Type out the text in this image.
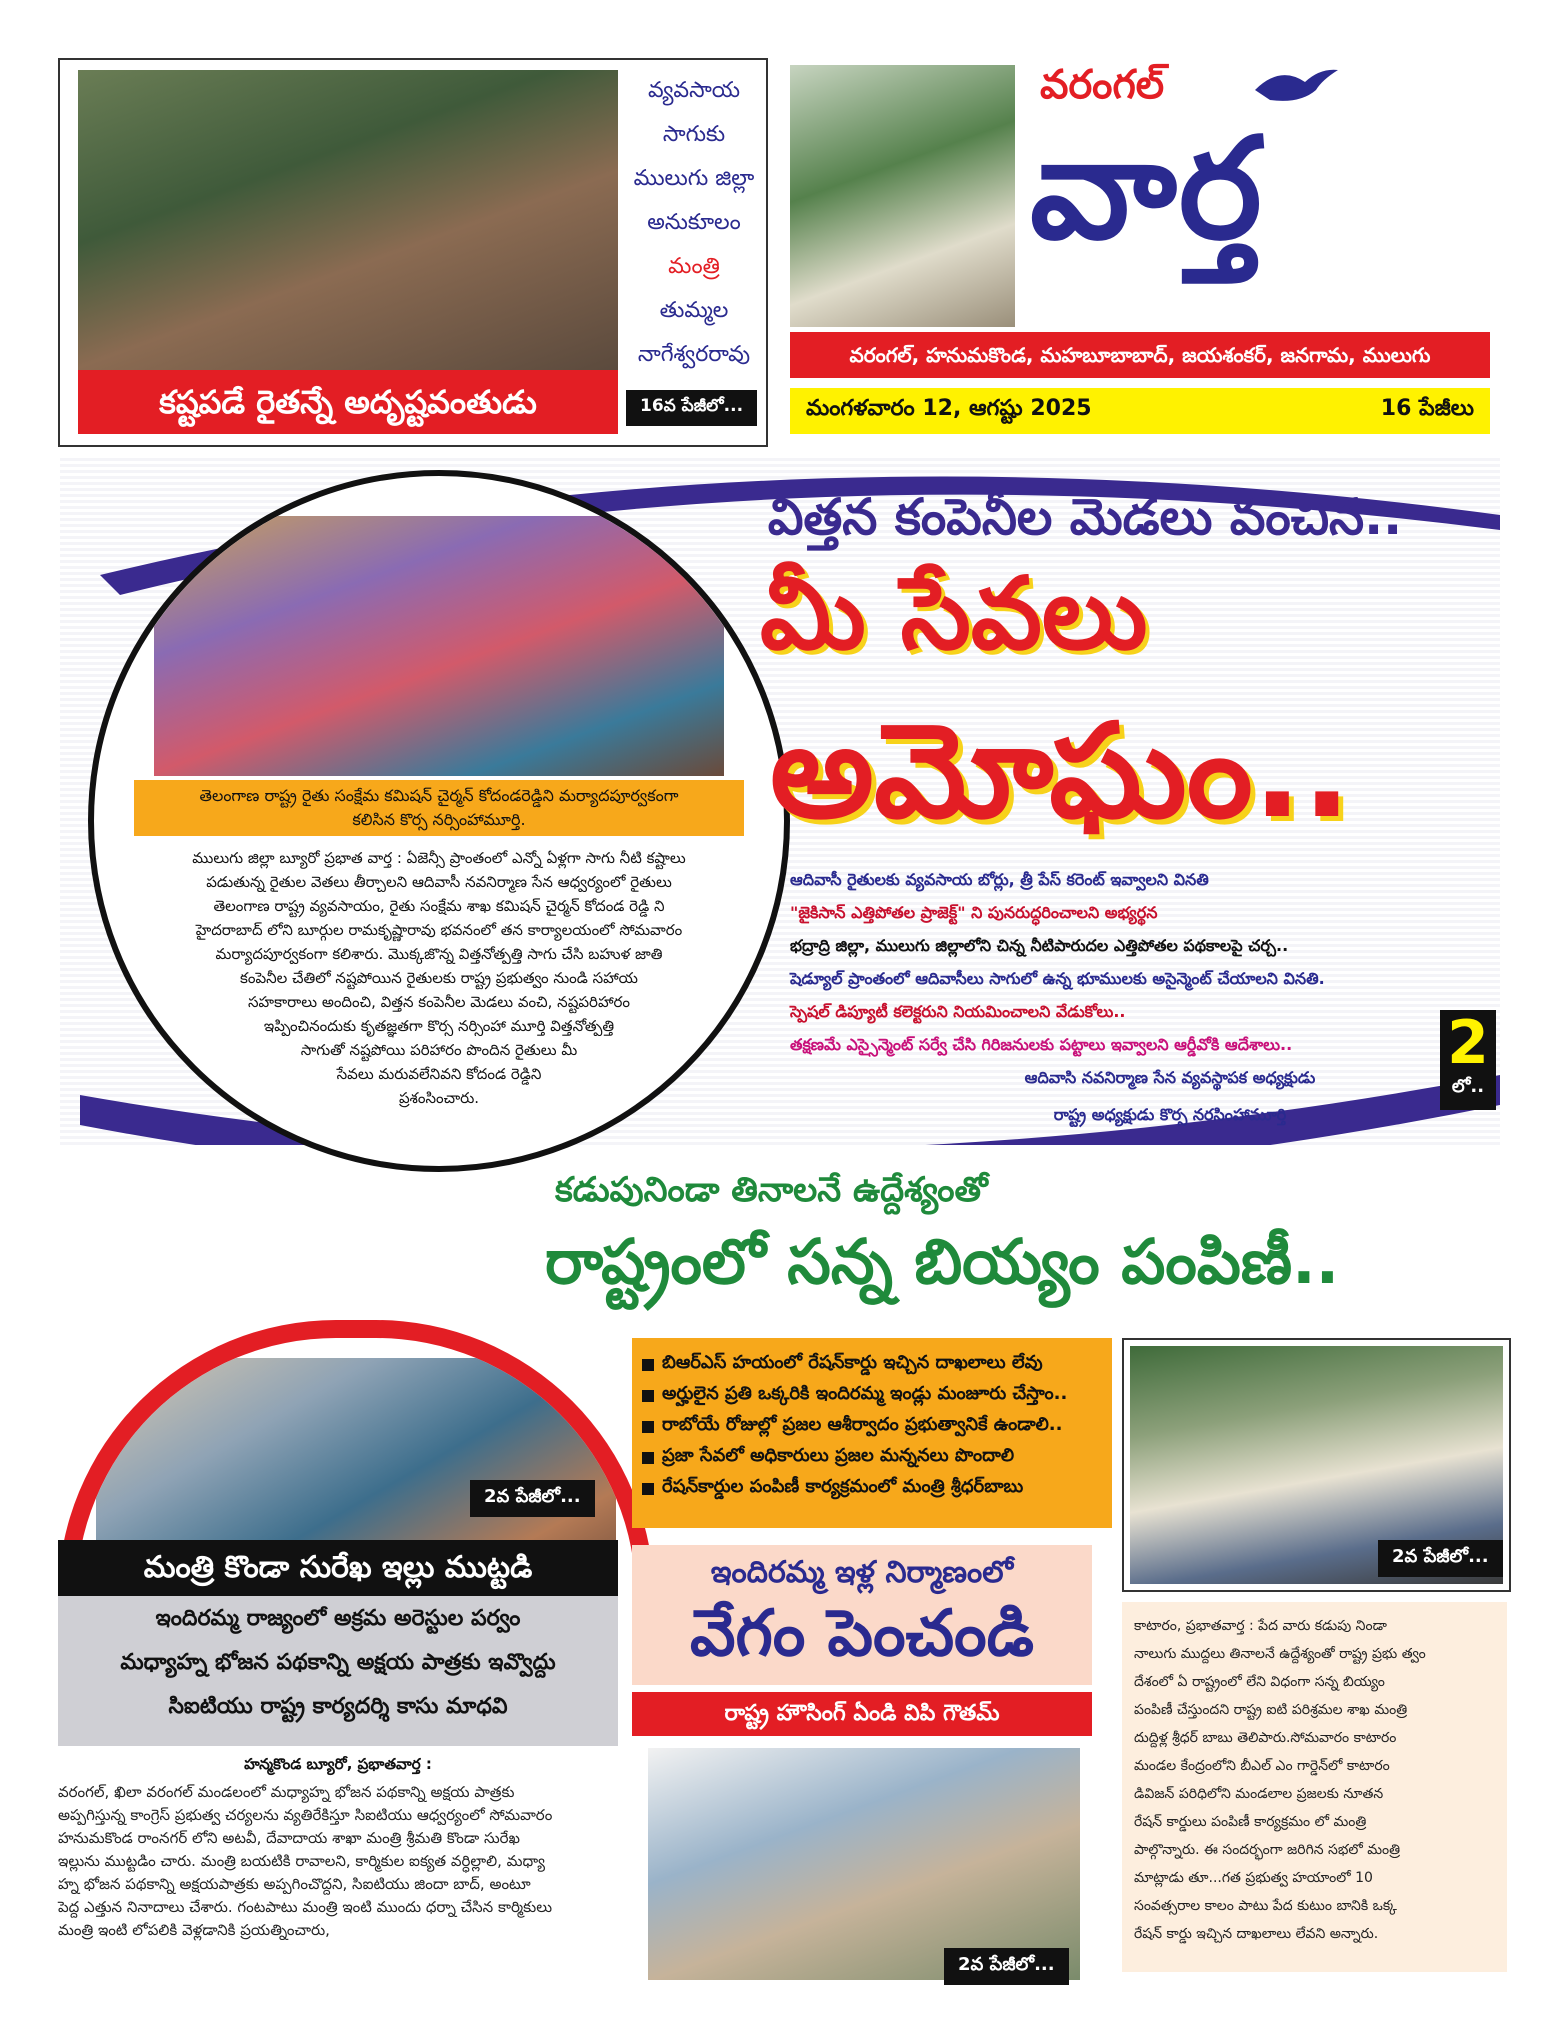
కష్టపడే రైతన్నే అదృష్టవంతుడు
వ్యవసాయ
సాగుకు
ములుగు జిల్లా
అనుకూలం
మంత్రి
తుమ్మల
నాగేశ్వరరావు
16వ పేజీలో...
వరంగల్
వార్త
వరంగల్, హనుమకొండ, మహబూబాబాద్, జయశంకర్, జనగామ, ములుగు
మంగళవారం 12, ఆగష్టు 2025	16 పేజీలు
తెలంగాణ రాష్ట్ర రైతు సంక్షేమ కమిషన్ చైర్మన్ కోదండరెడ్డిని మర్యాదపూర్వకంగా
కలిసిన కొర్స నర్సింహామూర్తి.
ములుగు జిల్లా బ్యూరో ప్రభాత వార్త : ఏజెన్సీ ప్రాంతంలో ఎన్నో ఏళ్లగా సాగు నీటి కష్టాలు
పడుతున్న రైతుల వెతలు తీర్చాలని ఆదివాసీ నవనిర్మాణ సేన ఆధ్వర్యంలో రైతులు
తెలంగాణ రాష్ట్ర వ్యవసాయం, రైతు సంక్షేమ శాఖ కమిషన్ చైర్మన్ కోదండ రెడ్డి ని
హైదరాబాద్ లోని బూర్గుల రామకృష్ణారావు భవనంలో తన కార్యాలయంలో సోమవారం
మర్యాదపూర్వకంగా కలిశారు. మొక్కజొన్న విత్తనోత్పత్తి సాగు చేసి బహుళ జాతి
కంపెనీల చేతిలో నష్టపోయిన రైతులకు రాష్ట్ర ప్రభుత్వం నుండి సహాయ
సహకారాలు అందించి, విత్తన కంపెనీల మెడలు వంచి, నష్టపరిహారం
ఇప్పించినందుకు కృతజ్ఞతగా కొర్స నర్సింహా మూర్తి విత్తనోత్పత్తి
సాగుతో నష్టపోయి పరిహారం పొందిన రైతులు మీ
సేవలు మరువలేనివని కోదండ రెడ్డిని
ప్రశంసించారు.
విత్తన కంపెనీల మెడలు వంచిన..
మీ సేవలు
అమోఘం..
ఆదివాసీ రైతులకు వ్యవసాయ బోర్లు, త్రీ పేస్ కరెంట్ ఇవ్వాలని వినతి
"జైకిసాన్ ఎత్తిపోతల ప్రాజెక్ట్" ని పునరుద్ధరించాలని అభ్యర్థన
భద్రాద్రి జిల్లా, ములుగు జిల్లాలోని చిన్న నీటిపారుదల ఎత్తిపోతల పథకాలపై చర్చ..
షెడ్యూల్ ప్రాంతంలో ఆదివాసీలు సాగులో ఉన్న భూములకు అసైన్మెంట్ చేయాలని వినతి.
స్పెషల్ డిప్యూటీ కలెక్టరుని నియమించాలని వేడుకోలు..
తక్షణమే ఎస్సైన్మెంట్ సర్వే చేసి గిరిజనులకు పట్టాలు ఇవ్వాలని ఆర్డీవోకి ఆదేశాలు..
ఆదివాసి నవనిర్మాణ సేన వ్యవస్థాపక అధ్యక్షుడు
రాష్ట్ర అధ్యక్షుడు కొర్స నరసింహామూర్తి
2
లో..
కడుపునిండా తినాలనే ఉద్దేశ్యంతో
రాష్ట్రంలో సన్న బియ్యం పంపిణీ..
2వ పేజీలో...
మంత్రి కొండా సురేఖ ఇల్లు ముట్టడి
ఇందిరమ్మ రాజ్యంలో అక్రమ అరెస్టుల పర్వం
మధ్యాహ్న భోజన పథకాన్ని అక్షయ పాత్రకు ఇవ్వొద్దు
సిఐటియు రాష్ట్ర కార్యదర్శి కాసు మాధవి
హన్మకొండ బ్యూరో, ప్రభాతవార్త :
వరంగల్, ఖిలా వరంగల్ మండలంలో మధ్యాహ్న భోజన పథకాన్ని అక్షయ పాత్రకు
అప్పగిస్తున్న కాంగ్రెస్ ప్రభుత్వ చర్యలను వ్యతిరేకిస్తూ సిఐటియు ఆధ్వర్యంలో సోమవారం
హనుమకొండ రాంనగర్ లోని అటవీ, దేవాదాయ శాఖా మంత్రి శ్రీమతి కొండా సురేఖ
ఇల్లును ముట్టడిం చారు. మంత్రి బయటికి రావాలని, కార్మికుల ఐక్యత వర్ధిల్లాలి, మధ్యా
హ్న భోజన పథకాన్ని అక్షయపాత్రకు అప్పగించొద్దని, సిఐటియు జిందా బాద్, అంటూ
పెద్ద ఎత్తున నినాదాలు చేశారు. గంటపాటు మంత్రి ఇంటి ముందు ధర్నా చేసిన కార్మికులు
మంత్రి ఇంటి లోపలికి వెళ్లడానికి ప్రయత్నించారు,
బిఆర్ఎస్ హయంలో రేషన్‌కార్డు ఇచ్చిన దాఖలాలు లేవు
అర్హులైన ప్రతి ఒక్కరికి ఇందిరమ్మ ఇండ్లు మంజూరు చేస్తాం..
రాబోయే రోజుల్లో ప్రజల ఆశీర్వాదం ప్రభుత్వానికే ఉండాలి..
ప్రజా సేవలో అధికారులు ప్రజల మన్ననలు పొందాలి
రేషన్‌కార్డుల పంపిణీ కార్యక్రమంలో మంత్రి శ్రీధర్‌బాబు
ఇందిరమ్మ ఇళ్ల నిర్మాణంలో
వేగం పెంచండి
రాష్ట్ర హౌసింగ్ ఏండి విపి గౌతమ్
2వ పేజీలో...
2వ పేజీలో...
కాటారం, ప్రభాతవార్త : పేద వారు కడుపు నిండా
నాలుగు ముద్దలు తినాలనే ఉద్దేశ్యంతో రాష్ట్ర ప్రభు త్వం
దేశంలో ఏ రాష్ట్రంలో లేని విధంగా సన్న బియ్యం
పంపిణీ చేస్తుందని రాష్ట్ర ఐటి పరిశ్రమల శాఖ మంత్రి
దుద్దిళ్ల శ్రీధర్ బాబు తెలిపారు.సోమవారం కాటారం
మండల కేంద్రంలోని బీఎల్ ఎం గార్డెన్‌లో కాటారం
డివిజన్ పరిధిలోని మండలాల ప్రజలకు నూతన
రేషన్ కార్డులు పంపిణీ కార్యక్రమం లో మంత్రి
పాల్గొన్నారు. ఈ సందర్భంగా జరిగిన సభలో మంత్రి
మాట్లాడు తూ...గత ప్రభుత్వ హయాంలో 10
సంవత్సరాల కాలం పాటు పేద కుటుం బానికి ఒక్క
రేషన్ కార్డు ఇచ్చిన దాఖలాలు లేవని అన్నారు.
